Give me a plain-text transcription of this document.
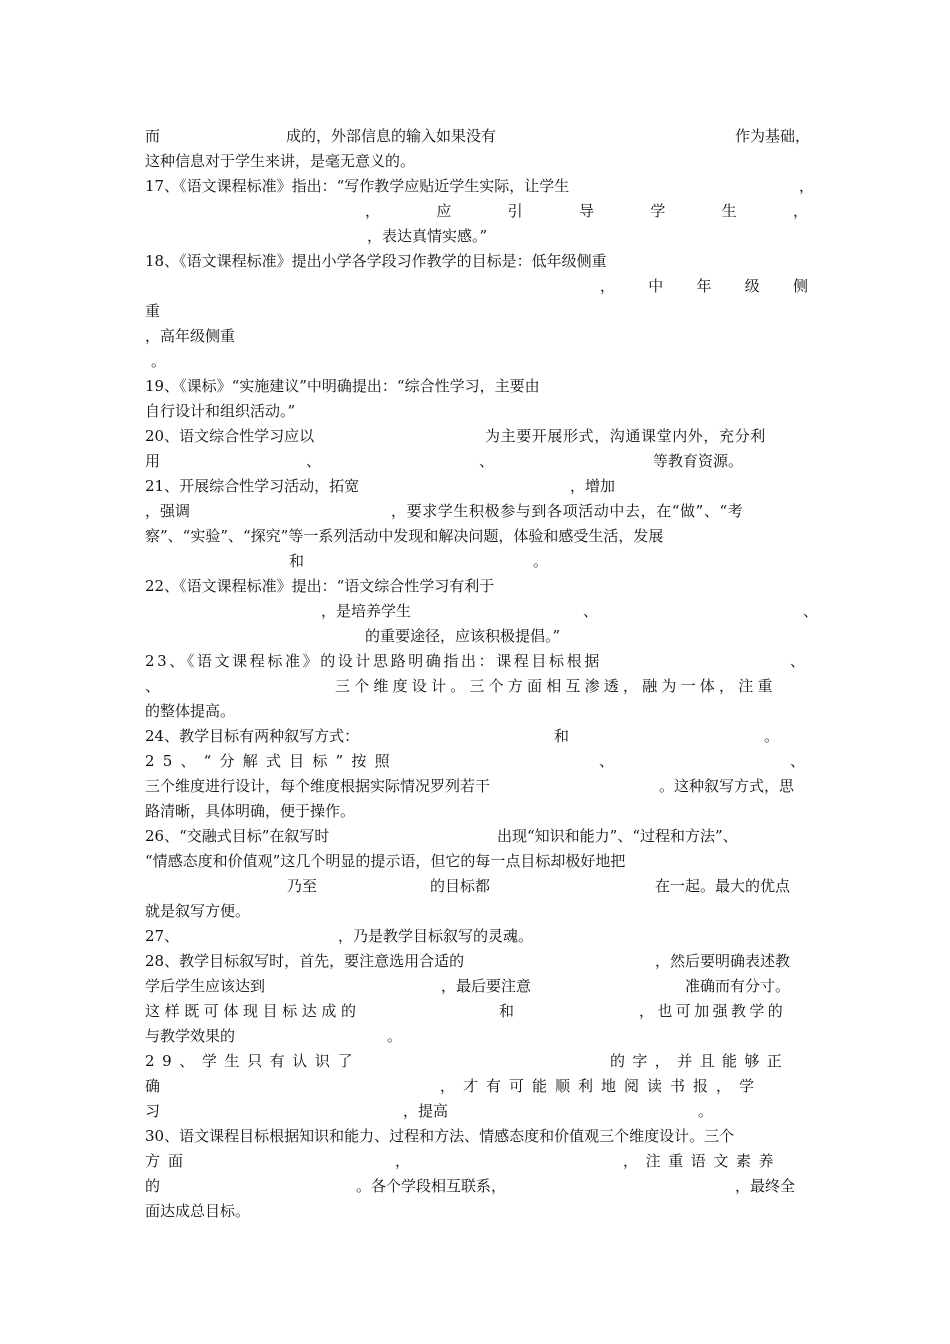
而	成的，外部信息的输入如果没有	作为基础，
这种信息对于学生来讲，是毫无意义的。
17、《语文课程标准》指出：“写作教学应贴近学生实际，让学生	，
，	应	引	导	学	生	，
，表达真情实感。”
18、《语文课程标准》提出小学各学段习作教学的目标是：低年级侧重
， 中 年 级 侧
重
，高年级侧重
。
19、《课标》“实施建议”中明确提出：“综合性学习，主要由
自行设计和组织活动。”
20、语文综合性学习应以	为主要开展形式，沟通课堂内外，充分利
用	、	、	等教育资源。
21、开展综合性学习活动，拓宽	，增加
，强调	，要求学生积极参与到各项活动中去，在“做”、“考
察”、“实验”、“探究”等一系列活动中发现和解决问题，体验和感受生活，发展
和	。
22、《语文课程标准》提出：“语文综合性学习有利于
，是培养学生	、	、
的重要途径，应该积极提倡。”
23、《语文课程标准》的设计思路明确指出：课程目标根据	、
、	三个维度设计。三个方面相互渗透，融为一体，注重
的整体提高。
24、教学目标有两种叙写方式：	和	。
25、“分解式目标”按照	、	、
三个维度进行设计，每个维度根据实际情况罗列若干	。这种叙写方式，思
路清晰，具体明确，便于操作。
26、“交融式目标”在叙写时	出现“知识和能力”、“过程和方法”、
“情感态度和价值观”这几个明显的提示语，但它的每一点目标却极好地把
乃至	的目标都	在一起。最大的优点
就是叙写方便。
27、	，乃是教学目标叙写的灵魂。
28、教学目标叙写时，首先，要注意选用合适的	，然后要明确表述教
学后学生应该达到	，最后要注意	准确而有分寸。
这样既可体现目标达成的	和	，也可加强教学的
与教学效果的	。
29、学生只有认识了	的字，并且能够正
确	，才有可能顺利地阅读书报，学
习	，提高	。
30、语文课程目标根据知识和能力、过程和方法、情感态度和价值观三个维度设计。三个
方面	，	，注重语文素养
的	。各个学段相互联系，	，最终全
面达成总目标。
